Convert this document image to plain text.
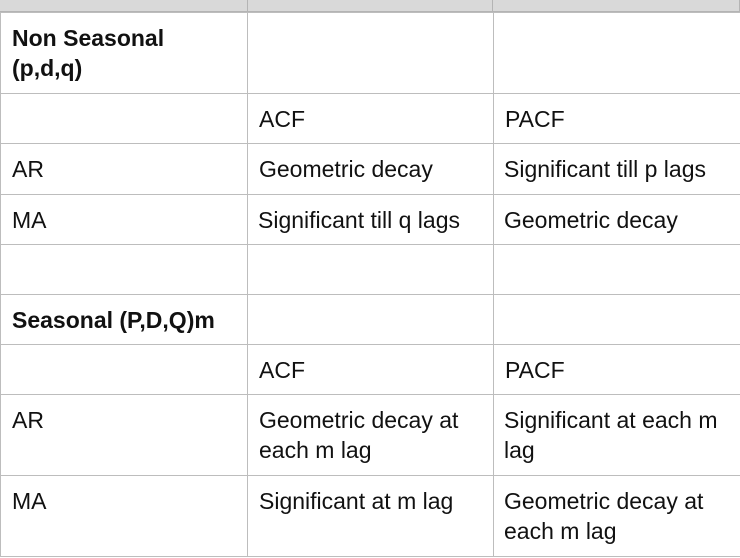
Non Seasonal (p,d,q)		
	ACF	PACF
AR	Geometric decay	Significant till p lags
MA	Significant till q lags	Geometric decay

Seasonal (P,D,Q)m		
	ACF	PACF
AR	Geometric decay at each m lag	Significant at each m lag
MA	Significant at m lag	Geometric decay at each m lag
